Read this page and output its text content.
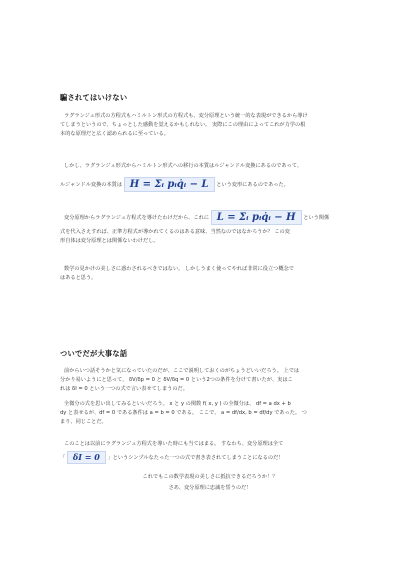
騙されてはいけない

ラグランジュ形式の方程式もハミルトン形式の方程式も、変分原理という統一的な表現ができるから導け
てしまうというので、ちょっとした感動を覚えるかもしれない。 実際にこの理由によってこれが力学の根
本的な原理だと広く認められるに至っている。

しかし、ラグランジュ形式からハミルトン形式への移行の本質はルジャンドル変換にあるのであって、
ルジャンドル変換の本質は H = Σᵢ pᵢq̇ᵢ − L という変形にあるのであった。

変分原理からラグランジュ方程式を導けたわけだから、これに L = Σᵢ pᵢq̇ᵢ − H という関係
式を代入さえすれば、正準方程式が導かれてくるのはある意味、当然なのではなかろうか？ この変
形自体は変分原理とは関係ないわけだし。

数学の見かけの美しさに惑わされるべきではない。 しかしうまく使ってやれば非常に役立つ概念で
はあると思う。

ついでだが大事な話

前からいつ話そうかと気になっていたのだが、ここで説明しておくのがちょうどいいだろう。 上では
分かり易いようにと思って、 δV/δp = 0 と δV/δq = 0 という2つの条件を分けて書いたが、実はこ
れは δI = 0 という一つの式で言い表せてしまうのだ。

全微分の式を思い出してみるといいだろう。 x と y の関数 f( x, y ) の全微分は、 df = a dx + b
dy と表せるが、df = 0 である条件は a = b = 0 である。 ここで、 a = df/dx, b = df/dy であった。 つ
まり、同じことだ。

このことは以前にラグランジュ方程式を導いた時にも当てはまる。 すなわち、変分原理は全て
「 δI = 0 」というシンプルなたった一つの式で書き表されてしまうことになるのだ！

これでもこの数学表現の美しさに抵抗できるだろうか！？
さあ、変分原理に忠誠を誓うのだ！
